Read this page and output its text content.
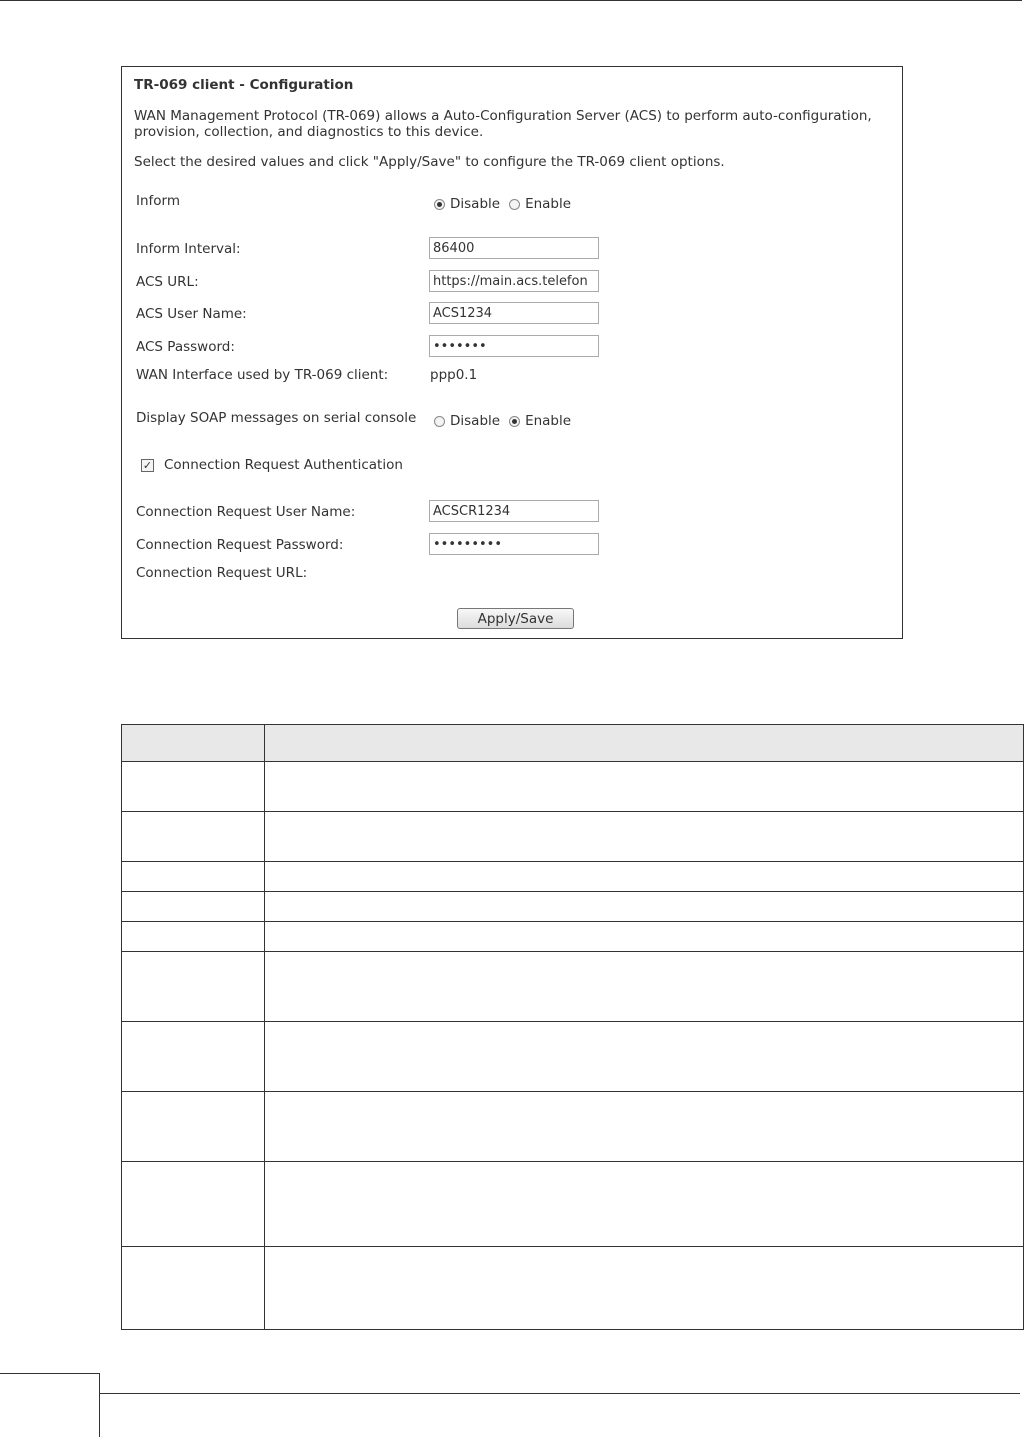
TR-069 client - Configuration
WAN Management Protocol (TR-069) allows a Auto-Configuration Server (ACS) to perform auto-configuration, provision, collection, and diagnostics to this device.
Select the desired values and click "Apply/Save" to configure the TR-069 client options.
Inform	Disable Enable
Inform Interval:
86400
ACS URL:
https://main.acs.telefon
ACS User Name:
ACS1234
ACS Password:
•••••••
WAN Interface used by TR-069 client:	ppp0.1
Display SOAP messages on serial console Disable Enable
✓ Connection Request Authentication
Connection Request User Name:
ACSCR1234
Connection Request Password:
•••••••••
Connection Request URL:
Apply/Save
